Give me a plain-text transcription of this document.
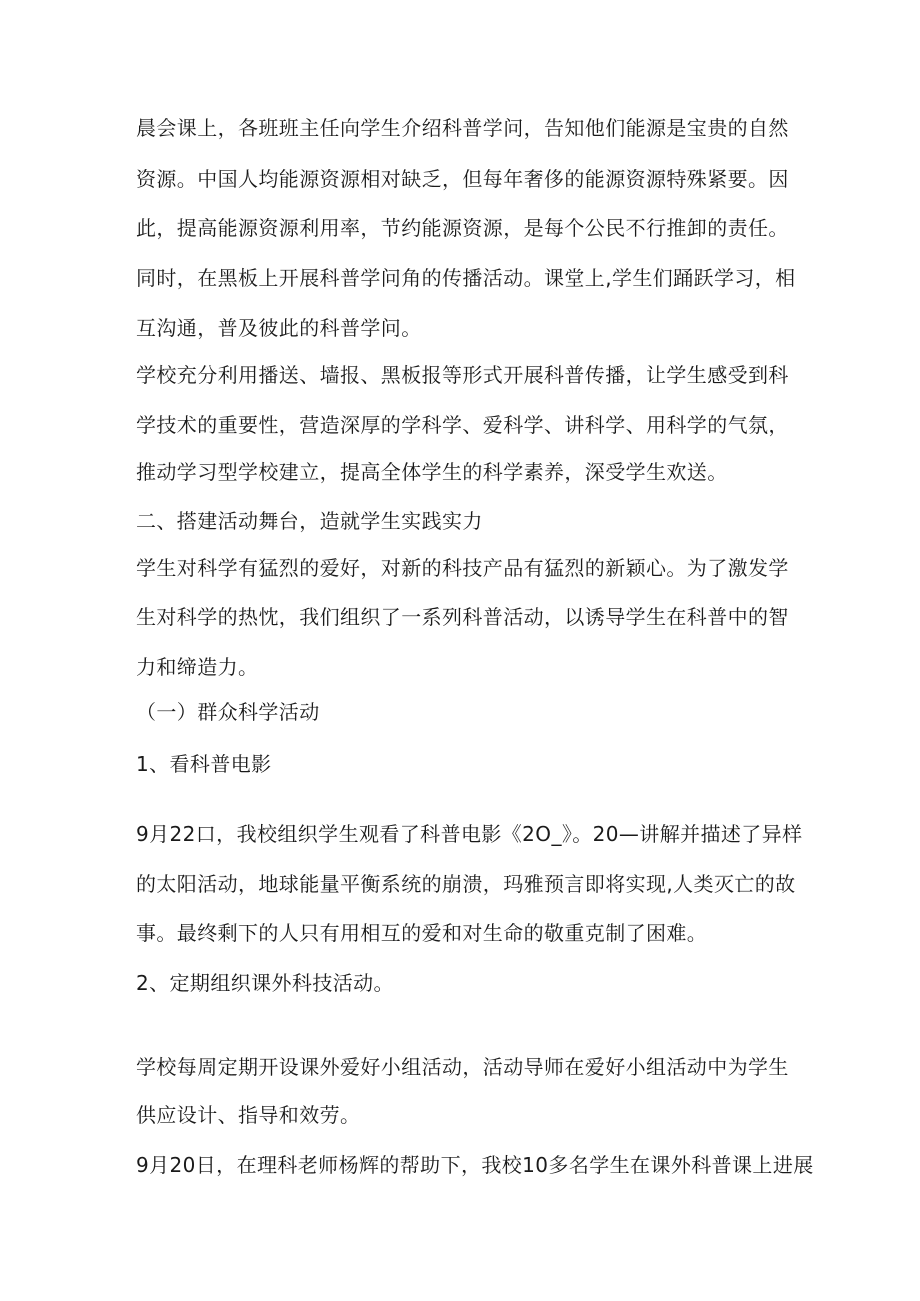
晨会课上，各班班主任向学生介绍科普学问，告知他们能源是宝贵的自然

资源。中国人均能源资源相对缺乏，但每年奢侈的能源资源特殊紧要。因

此，提高能源资源利用率，节约能源资源，是每个公民不行推卸的责任。

同时，在黑板上开展科普学问角的传播活动。课堂上,学生们踊跃学习，相

互沟通，普及彼此的科普学问。

学校充分利用播送、墙报、黑板报等形式开展科普传播，让学生感受到科

学技术的重要性，营造深厚的学科学、爱科学、讲科学、用科学的气氛，

推动学习型学校建立，提高全体学生的科学素养，深受学生欢送。

二、搭建活动舞台，造就学生实践实力

学生对科学有猛烈的爱好，对新的科技产品有猛烈的新颖心。为了激发学

生对科学的热忱，我们组织了一系列科普活动，以诱导学生在科普中的智

力和缔造力。

（一）群众科学活动

1、看科普电影

9月22口，我校组织学生观看了科普电影《2O_》。20—讲解并描述了异样

的太阳活动，地球能量平衡系统的崩溃，玛雅预言即将实现,人类灭亡的故

事。最终剩下的人只有用相互的爱和对生命的敬重克制了困难。

2、定期组织课外科技活动。

学校每周定期开设课外爱好小组活动，活动导师在爱好小组活动中为学生

供应设计、指导和效劳。

9月20日，在理科老师杨辉的帮助下，我校10多名学生在课外科普课上进展
